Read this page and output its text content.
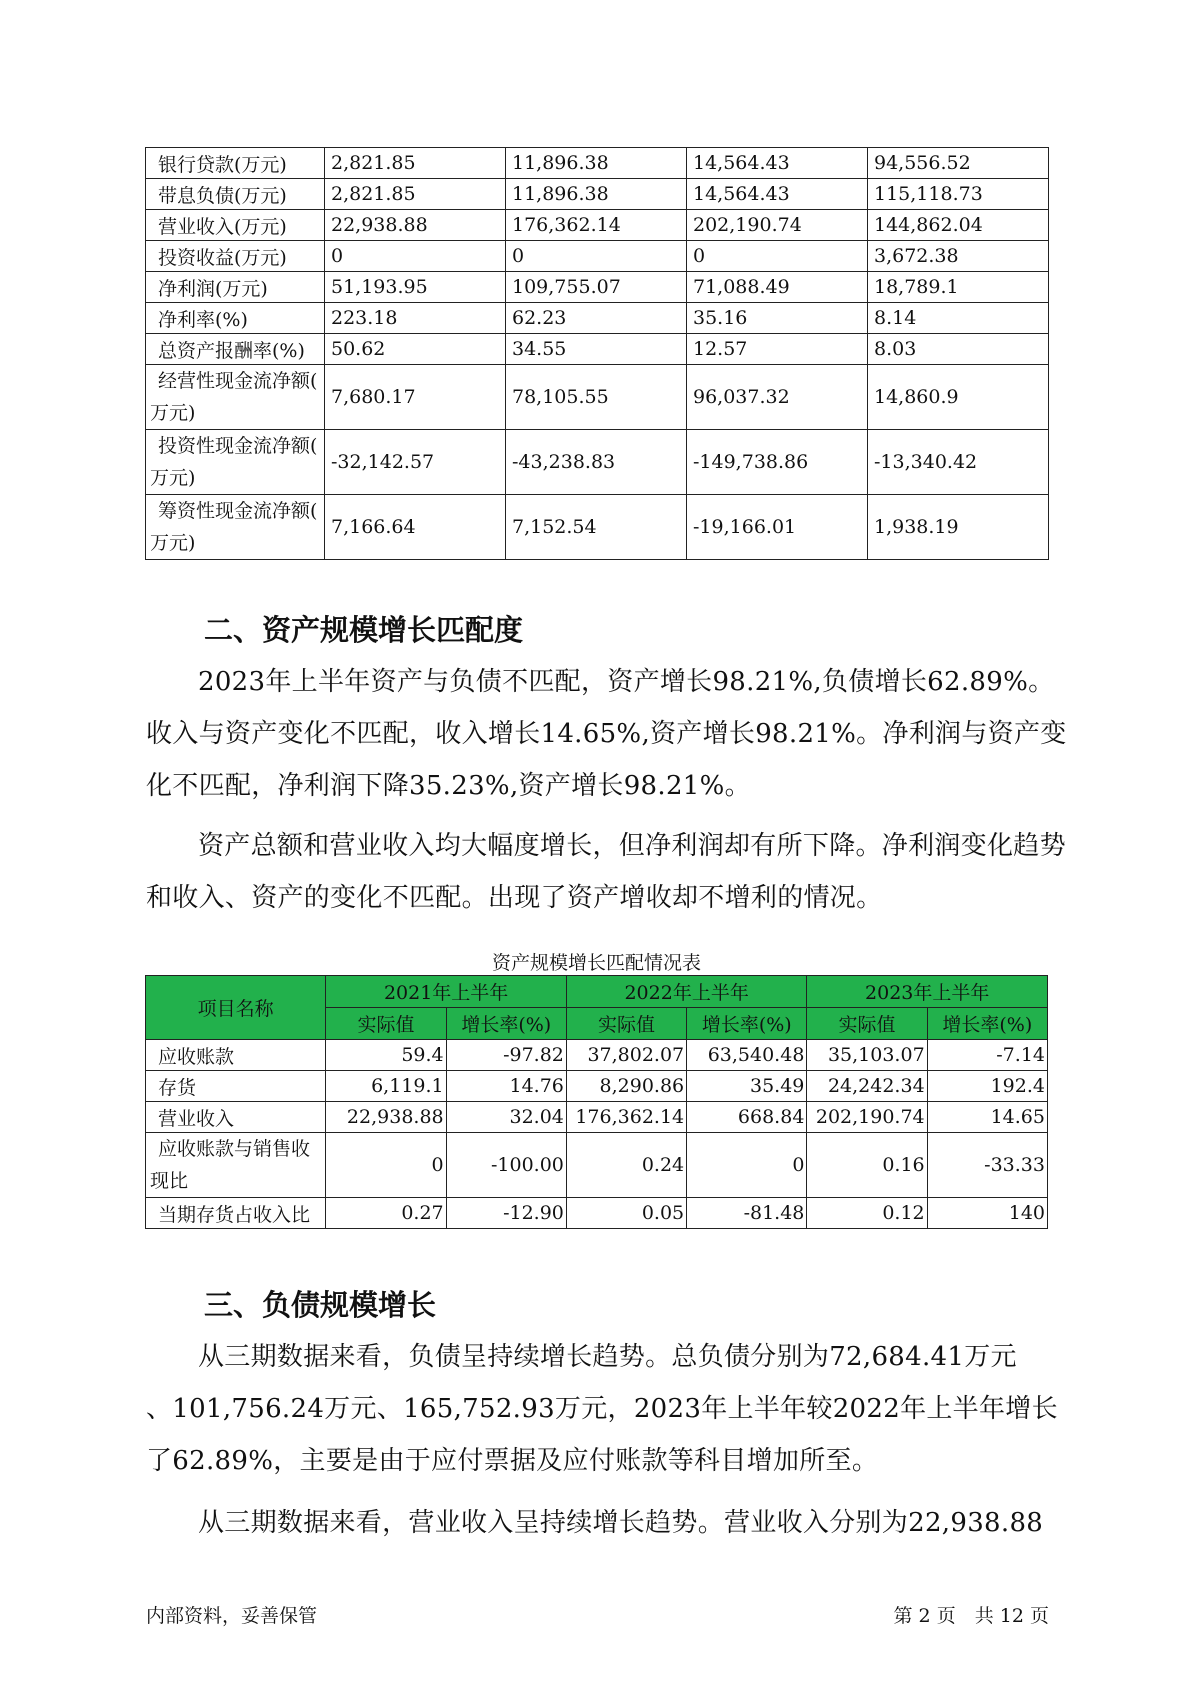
银行贷款(万元)	2,821.85	11,896.38	14,564.43	94,556.52
带息负债(万元)	2,821.85	11,896.38	14,564.43	115,118.73
营业收入(万元)	22,938.88	176,362.14	202,190.74	144,862.04
投资收益(万元)	0	0	0	3,672.38
净利润(万元)	51,193.95	109,755.07	71,088.49	18,789.1
净利率(%)	223.18	62.23	35.16	8.14
总资产报酬率(%)	50.62	34.55	12.57	8.03

经营性现金流净额(
万元)	7,680.17	78,105.55	96,037.32	14,860.9

投资性现金流净额(
万元)	-32,142.57	-43,238.83	-149,738.86	-13,340.42

筹资性现金流净额(
万元)	7,166.64	7,152.54	-19,166.01	1,938.19
二、资产规模增长匹配度
2023年上半年资产与负债不匹配，资产增长98.21%,负债增长62.89%。收入与资产变化不匹配，收入增长14.65%,资产增长98.21%。净利润与资产变化不匹配，净利润下降35.23%,资产增长98.21%。
资产总额和营业收入均大幅度增长，但净利润却有所下降。净利润变化趋势和收入、资产的变化不匹配。出现了资产增收却不增利的情况。
资产规模增长匹配情况表
项目名称	2021年上半年		2022年上半年		2023年上半年	
	实际值	增长率(%)	实际值	增长率(%)	实际值	增长率(%)
应收账款	59.4	-97.82	37,802.07	63,540.48	35,103.07	-7.14
存货	6,119.1	14.76	8,290.86	35.49	24,242.34	192.4
营业收入	22,938.88	32.04	176,362.14	668.84	202,190.74	14.65

应收账款与销售收
现比	0	-100.00	0.24	0	0.16	-33.33
当期存货占收入比	0.27	-12.90	0.05	-81.48	0.12	140
三、负债规模增长
从三期数据来看，负债呈持续增长趋势。总负债分别为72,684.41万元
、101,756.24万元、165,752.93万元，2023年上半年较2022年上半年增长
了62.89%，主要是由于应付票据及应付账款等科目增加所至。
从三期数据来看，营业收入呈持续增长趋势。营业收入分别为22,938.88
内部资料，妥善保管	第 2 页　共 12 页
